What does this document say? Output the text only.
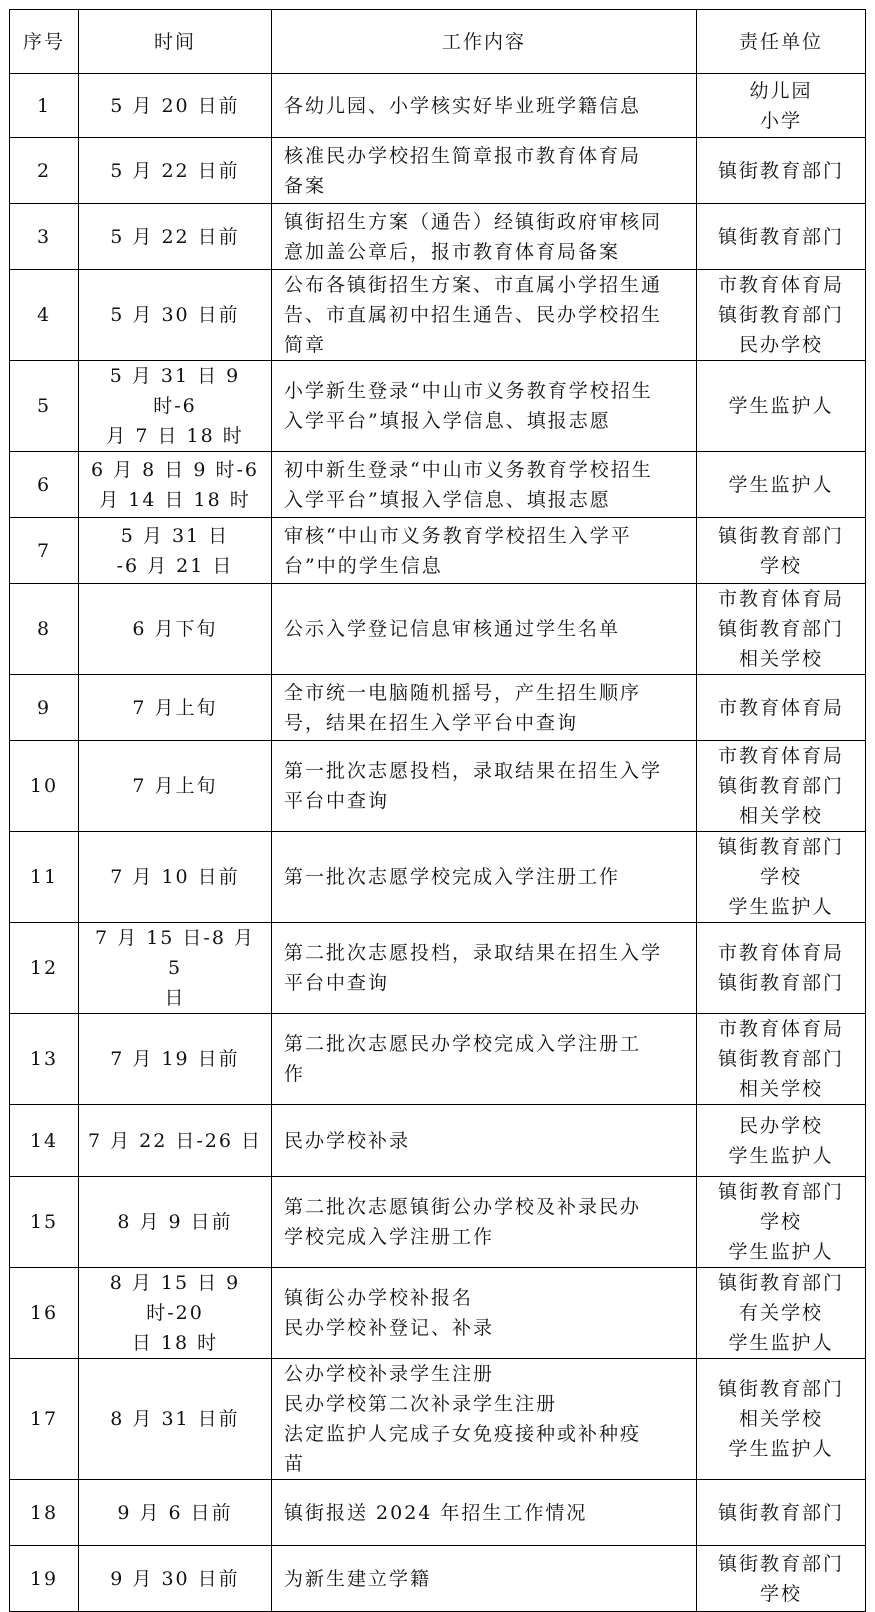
序号	时间	工作内容	责任单位
1	5 月 20 日前	各幼儿园、小学核实好毕业班学籍信息	幼儿园
小学
2	5 月 22 日前	核准民办学校招生简章报市教育体育局
备案	镇街教育部门
3	5 月 22 日前	镇街招生方案（通告）经镇街政府审核同
意加盖公章后，报市教育体育局备案	镇街教育部门
4	5 月 30 日前	公布各镇街招生方案、市直属小学招生通
告、市直属初中招生通告、民办学校招生
简章	市教育体育局
镇街教育部门
民办学校
5	5 月 31 日 9 时-6
月 7 日 18 时	小学新生登录“中山市义务教育学校招生
入学平台”填报入学信息、填报志愿	学生监护人
6	6 月 8 日 9 时-6
月 14 日 18 时	初中新生登录“中山市义务教育学校招生
入学平台”填报入学信息、填报志愿	学生监护人
7	5 月 31 日
-6 月 21 日	审核“中山市义务教育学校招生入学平
台”中的学生信息	镇街教育部门
学校
8	6 月下旬	公示入学登记信息审核通过学生名单	市教育体育局
镇街教育部门
相关学校
9	7 月上旬	全市统一电脑随机摇号，产生招生顺序
号，结果在招生入学平台中查询	市教育体育局
10	7 月上旬	第一批次志愿投档，录取结果在招生入学
平台中查询	市教育体育局
镇街教育部门
相关学校
11	7 月 10 日前	第一批次志愿学校完成入学注册工作	镇街教育部门
学校
学生监护人
12	7 月 15 日-8 月 5
日	第二批次志愿投档，录取结果在招生入学
平台中查询	市教育体育局
镇街教育部门
13	7 月 19 日前	第二批次志愿民办学校完成入学注册工
作	市教育体育局
镇街教育部门
相关学校
14	7 月 22 日-26 日	民办学校补录	民办学校
学生监护人
15	8 月 9 日前	第二批次志愿镇街公办学校及补录民办
学校完成入学注册工作	镇街教育部门
学校
学生监护人
16	8 月 15 日 9 时-20
日 18 时	镇街公办学校补报名
民办学校补登记、补录	镇街教育部门
有关学校
学生监护人
17	8 月 31 日前	公办学校补录学生注册
民办学校第二次补录学生注册
法定监护人完成子女免疫接种或补种疫
苗	镇街教育部门
相关学校
学生监护人
18	9 月 6 日前	镇街报送 2024 年招生工作情况	镇街教育部门
19	9 月 30 日前	为新生建立学籍	镇街教育部门
学校
